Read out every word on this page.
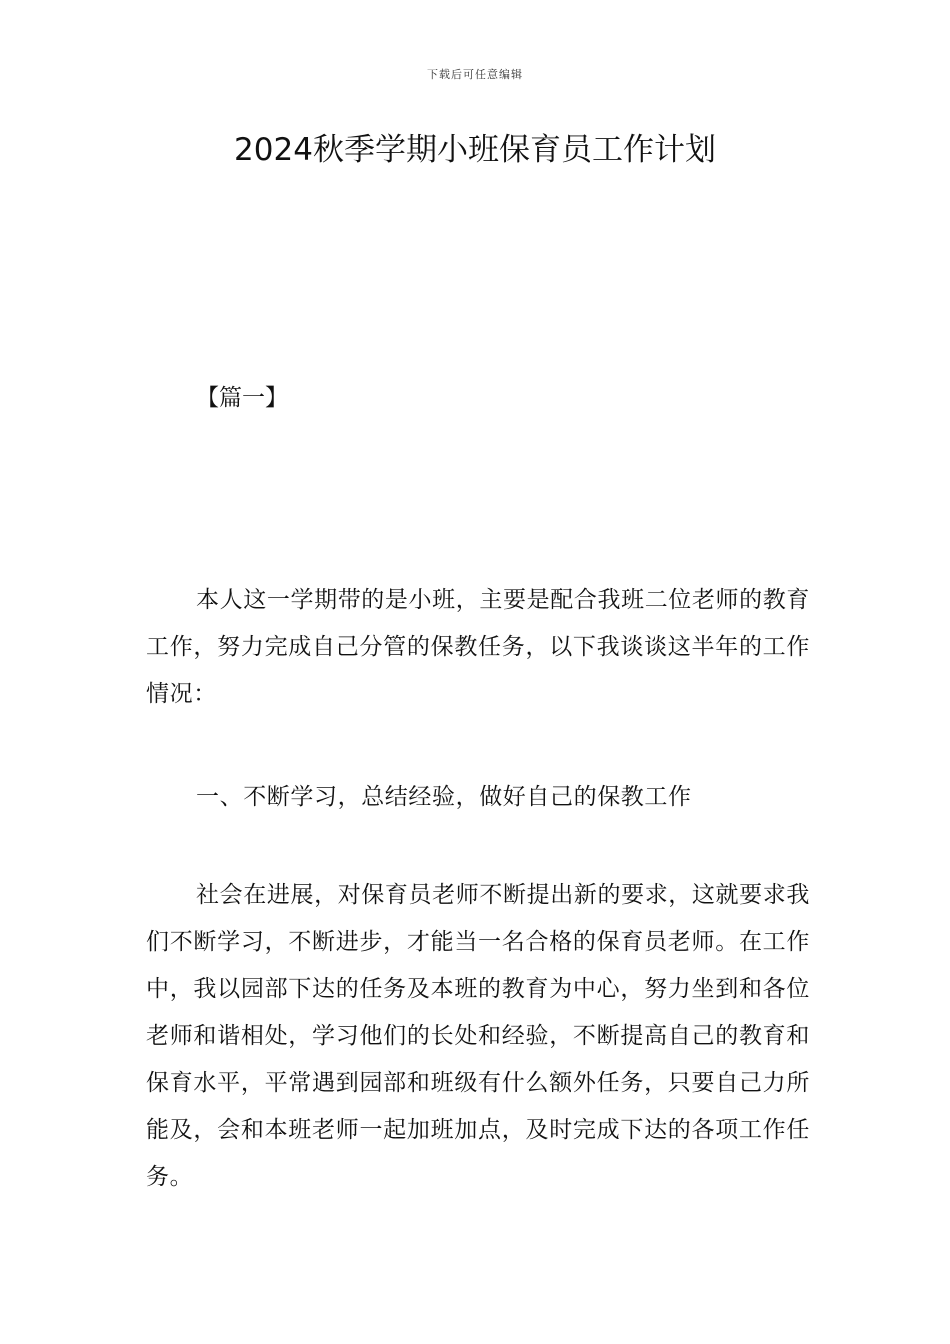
下载后可任意编辑
2024秋季学期小班保育员工作计划
【篇一】

本人这一学期带的是小班，主要是配合我班二位老师的教育工作，努力完成自己分管的保教任务，以下我谈谈这半年的工作情况：

一、不断学习，总结经验，做好自己的保教工作

社会在进展，对保育员老师不断提出新的要求，这就要求我们不断学习，不断进步，才能当一名合格的保育员老师。在工作中，我以园部下达的任务及本班的教育为中心，努力坐到和各位老师和谐相处，学习他们的长处和经验，不断提高自己的教育和保育水平，平常遇到园部和班级有什么额外任务，只要自己力所能及，会和本班老师一起加班加点，及时完成下达的各项工作任务。
